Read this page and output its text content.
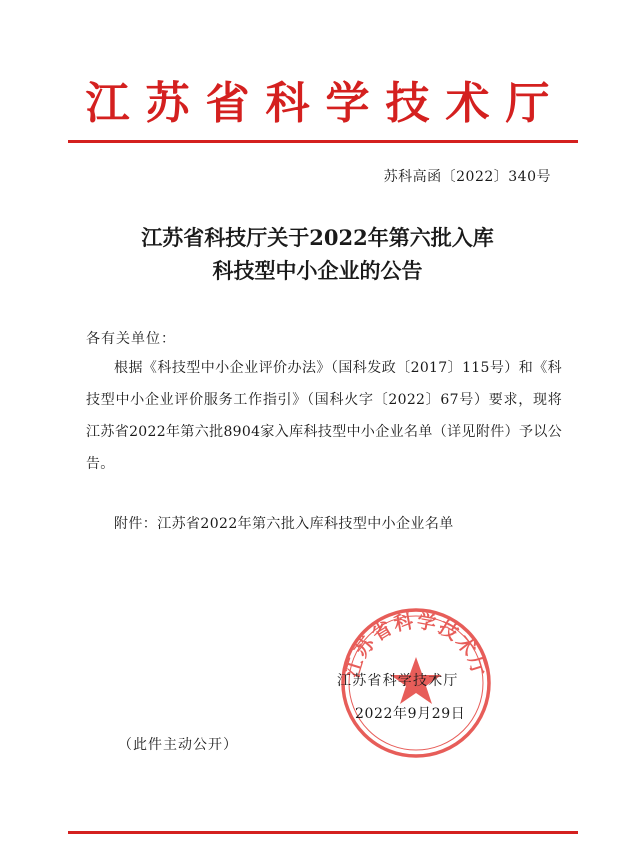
江苏省科学技术厅
苏科高函〔2022〕340号
江苏省科技厅关于2022年第六批入库
科技型中小企业的公告
各有关单位：

根据《科技型中小企业评价办法》（国科发政〔2017〕115号）和《科技型中小企业评价服务工作指引》（国科火字〔2022〕67号）要求，现将江苏省2022年第六批8904家入库科技型中小企业名单（详见附件）予以公告。

附件：江苏省2022年第六批入库科技型中小企业名单
江苏省科学技术厅
江苏省科学技术厅
2022年9月29日
（此件主动公开）
